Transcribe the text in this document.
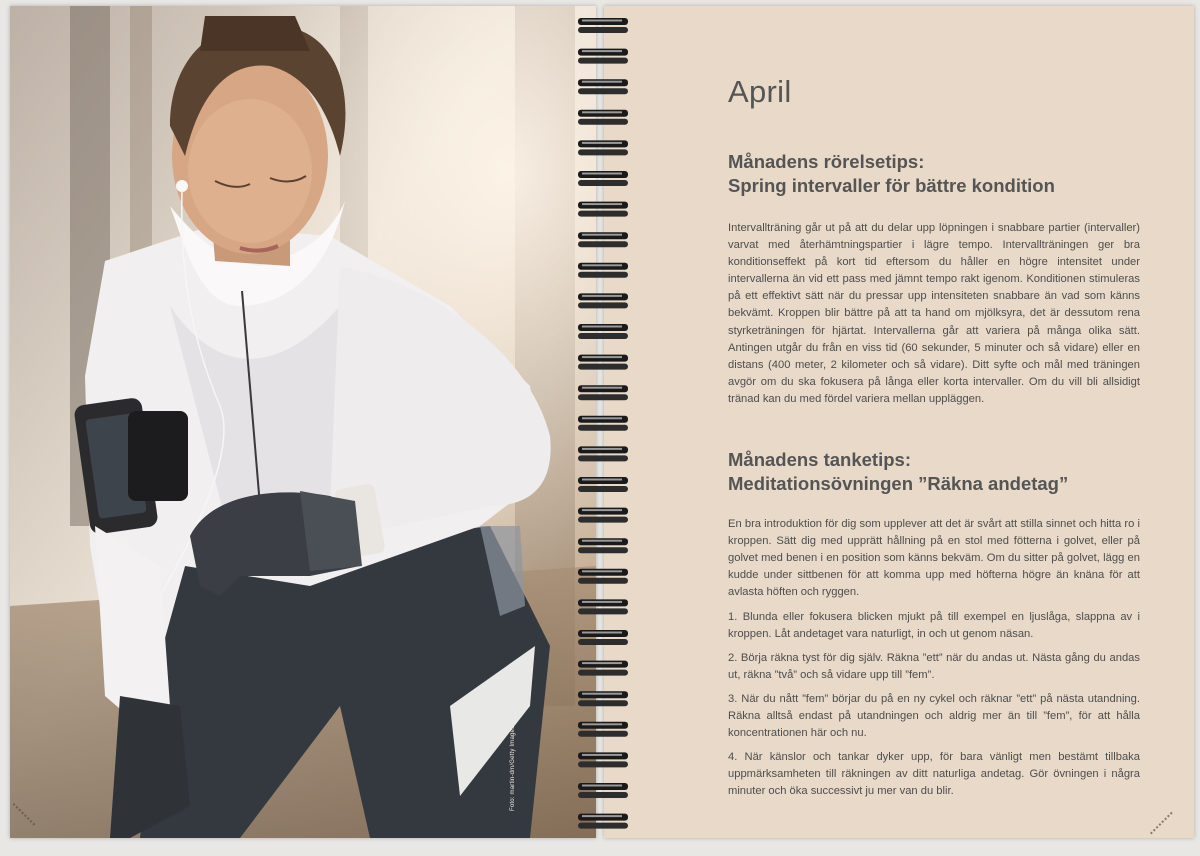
Foto: martin-dm/Getty Images
April
Månadens rörelsetips:
Spring intervaller för bättre kondition

Intervallträning går ut på att du delar upp löpningen i snabbare partier (intervaller) varvat med återhämtningspartier i lägre tempo. Intervallträningen ger bra konditionseffekt på kort tid eftersom du håller en högre intensitet under intervallerna än vid ett pass med jämnt tempo rakt igenom. Konditionen stimuleras på ett effektivt sätt när du pressar upp intensiteten snabbare än vad som känns bekvämt. Kroppen blir bättre på att ta hand om mjölksyra, det är dessutom rena styrketräningen för hjärtat. Intervallerna går att variera på många olika sätt. Antingen utgår du från en viss tid (60 sekunder, 5 minuter och så vidare) eller en distans (400 meter, 2 kilometer och så vidare). Ditt syfte och mål med träningen avgör om du ska fokusera på långa eller korta intervaller. Om du vill bli allsidigt tränad kan du med fördel variera mellan uppläggen.

Månadens tanketips:
Meditationsövningen ”Räkna andetag”

En bra introduktion för dig som upplever att det är svårt att stilla sinnet och hitta ro i kroppen. Sätt dig med upprätt hållning på en stol med fötterna i golvet, eller på golvet med benen i en position som känns bekväm. Om du sitter på golvet, lägg en kudde under sittbenen för att komma upp med höfterna högre än knäna för att avlasta höften och ryggen.

1. Blunda eller fokusera blicken mjukt på till exempel en ljuslåga, slappna av i kroppen. Låt andetaget vara naturligt, in och ut genom näsan.

2. Börja räkna tyst för dig själv. Räkna ”ett” när du andas ut. Nästa gång du andas ut, räkna ”två” och så vidare upp till ”fem”.

3. När du nått ”fem” börjar du på en ny cykel och räknar ”ett” på nästa utandning. Räkna alltså endast på utandningen och aldrig mer än till ”fem”, för att hålla koncentrationen här och nu.

4. När känslor och tankar dyker upp, för bara vänligt men bestämt tillbaka uppmärksamheten till räkningen av ditt naturliga andetag. Gör övningen i några minuter och öka successivt ju mer van du blir.
